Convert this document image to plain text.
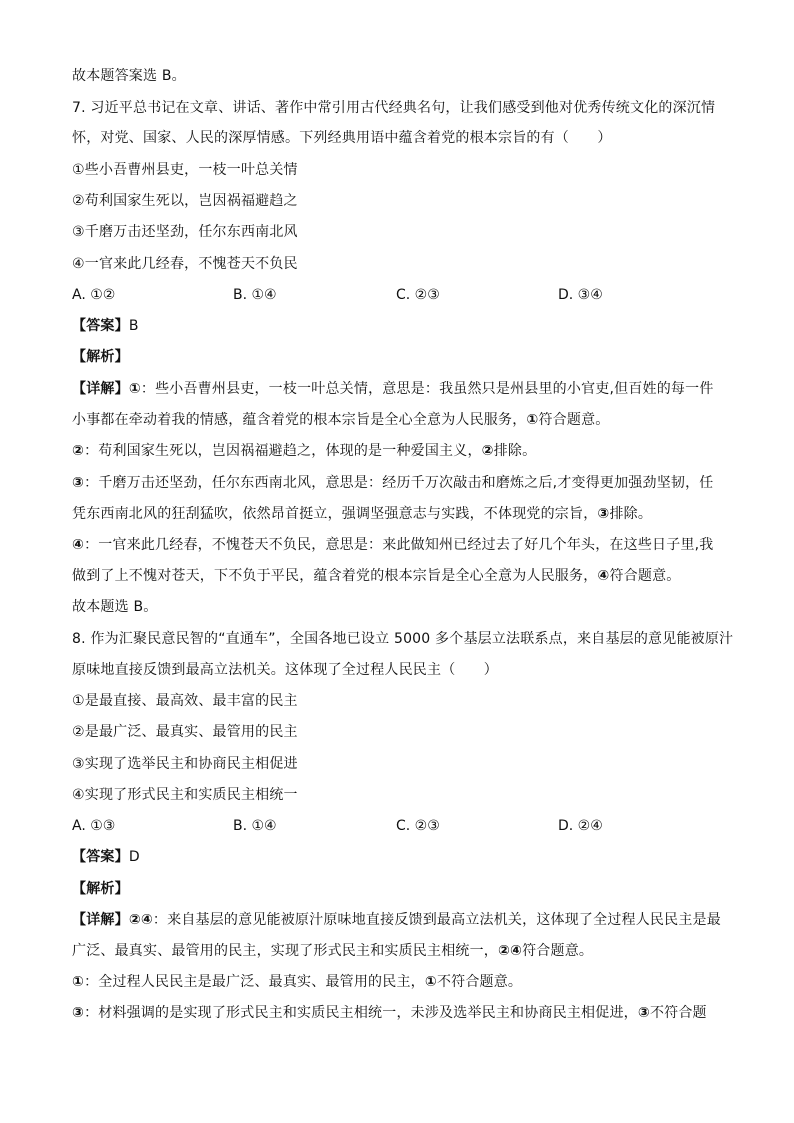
故本题答案选 B。
7. 习近平总书记在文章、讲话、著作中常引用古代经典名句，让我们感受到他对优秀传统文化的深沉情
怀，对党、国家、人民的深厚情感。下列经典用语中蕴含着党的根本宗旨的有（　　）
①些小吾曹州县吏，一枝一叶总关情
②苟利国家生死以，岂因祸福避趋之
③千磨万击还坚劲，任尔东西南北风
④一官来此几经春，不愧苍天不负民
A. ①②	B. ①④	C. ②③	D. ③④
【答案】B
【解析】
【详解】①：些小吾曹州县吏，一枝一叶总关情，意思是：我虽然只是州县里的小官吏,但百姓的每一件
小事都在牵动着我的情感，蕴含着党的根本宗旨是全心全意为人民服务，①符合题意。
②：苟利国家生死以，岂因祸福避趋之，体现的是一种爱国主义，②排除。
③：千磨万击还坚劲，任尔东西南北风，意思是：经历千万次敲击和磨炼之后,才变得更加强劲坚韧，任
凭东西南北风的狂刮猛吹，依然昂首挺立，强调坚强意志与实践，不体现党的宗旨，③排除。
④：一官来此几经春，不愧苍天不负民，意思是：来此做知州已经过去了好几个年头，在这些日子里,我
做到了上不愧对苍天，下不负于平民，蕴含着党的根本宗旨是全心全意为人民服务，④符合题意。
故本题选 B。
8. 作为汇聚民意民智的“直通车”，全国各地已设立 5000 多个基层立法联系点，来自基层的意见能被原汁
原味地直接反馈到最高立法机关。这体现了全过程人民民主（　　）
①是最直接、最高效、最丰富的民主
②是最广泛、最真实、最管用的民主
③实现了选举民主和协商民主相促进
④实现了形式民主和实质民主相统一
A. ①③	B. ①④	C. ②③	D. ②④
【答案】D
【解析】
【详解】②④：来自基层的意见能被原汁原味地直接反馈到最高立法机关，这体现了全过程人民民主是最
广泛、最真实、最管用的民主，实现了形式民主和实质民主相统一，②④符合题意。
①：全过程人民民主是最广泛、最真实、最管用的民主，①不符合题意。
③：材料强调的是实现了形式民主和实质民主相统一，未涉及选举民主和协商民主相促进，③不符合题
